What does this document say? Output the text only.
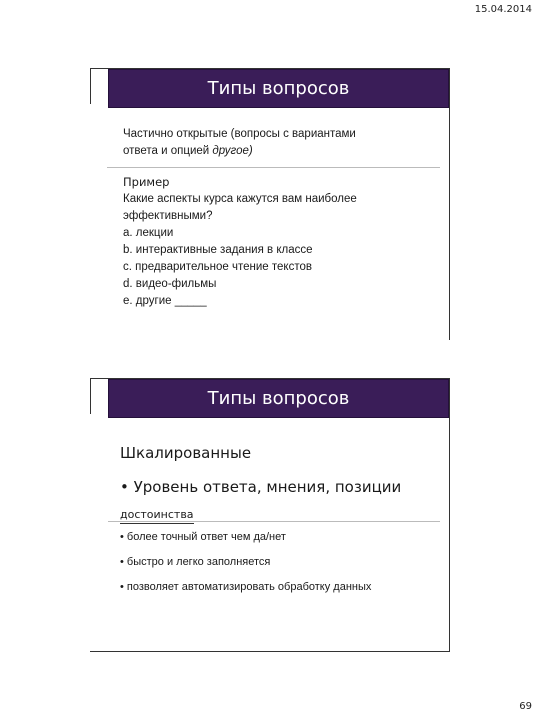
15.04.2014
Типы вопросов

Частично открытые (вопросы с вариантами
ответа и опцией другое)

Пример
Какие аспекты курса кажутся вам наиболее
эффективными?
a. лекции
b. интерактивные задания в классе
c. предварительное чтение текстов
d. видео-фильмы
e. другие _____
Типы вопросов
Шкалированные
• Уровень ответа, мнения, позиции
достоинства
• более точный ответ чем да/нет
• быстро и легко заполняется
• позволяет автоматизировать обработку данных
69
